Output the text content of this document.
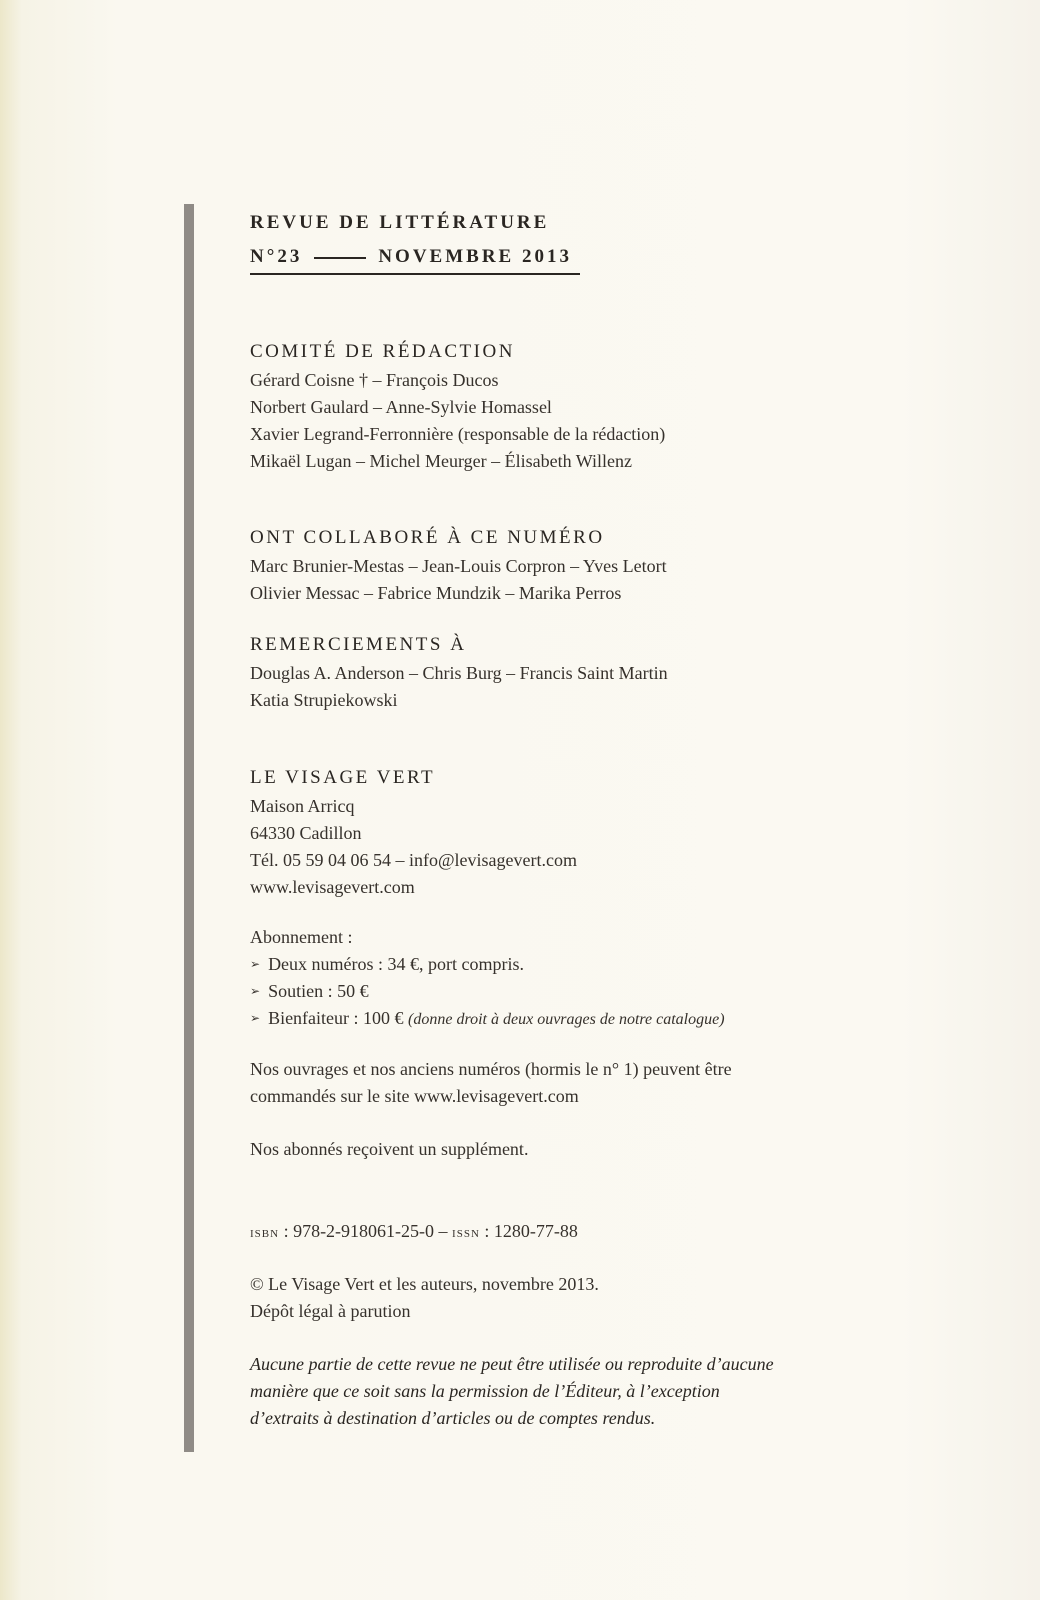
REVUE DE LITTÉRATURE
N°23	NOVEMBRE 2013
COMITÉ DE RÉDACTION
Gérard Coisne † – François Ducos
Norbert Gaulard – Anne-Sylvie Homassel
Xavier Legrand-Ferronnière (responsable de la rédaction)
Mikaël Lugan – Michel Meurger – Élisabeth Willenz
ONT COLLABORÉ À CE NUMÉRO
Marc Brunier-Mestas – Jean-Louis Corpron – Yves Letort
Olivier Messac – Fabrice Mundzik – Marika Perros
REMERCIEMENTS À
Douglas A. Anderson – Chris Burg – Francis Saint Martin
Katia Strupiekowski
LE VISAGE VERT
Maison Arricq
64330 Cadillon
Tél. 05 59 04 06 54 – info@levisagevert.com
www.levisagevert.com
Abonnement :
➢ Deux numéros : 34 €, port compris.
➢ Soutien : 50 €
➢ Bienfaiteur : 100 € (donne droit à deux ouvrages de notre catalogue)
Nos ouvrages et nos anciens numéros (hormis le n° 1) peuvent être
commandés sur le site www.levisagevert.com
Nos abonnés reçoivent un supplément.
isbn : 978-2-918061-25-0 – issn : 1280-77-88
© Le Visage Vert et les auteurs, novembre 2013.
Dépôt légal à parution
Aucune partie de cette revue ne peut être utilisée ou reproduite d’aucune
manière que ce soit sans la permission de l’Éditeur, à l’exception
d’extraits à destination d’articles ou de comptes rendus.
